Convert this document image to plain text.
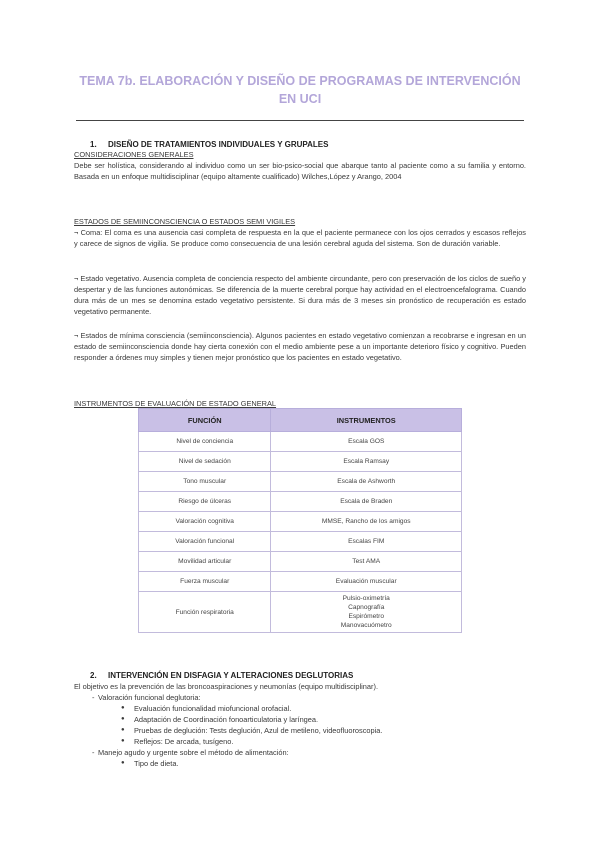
TEMA 7b. ELABORACIÓN Y DISEÑO DE PROGRAMAS DE INTERVENCIÓN EN UCI
1. DISEÑO DE TRATAMIENTOS INDIVIDUALES Y GRUPALES
CONSIDERACIONES GENERALES
Debe ser holística, considerando al individuo como un ser bio-psico-social que abarque tanto al paciente como a su familia y entorno. Basada en un enfoque multidisciplinar (equipo altamente cualificado) Wilches,López y Arango, 2004
ESTADOS DE SEMIINCONSCIENCIA O ESTADOS SEMI VIGILES
¬ Coma: El coma es una ausencia casi completa de respuesta en la que el paciente permanece con los ojos cerrados y escasos reflejos y carece de signos de vigilia. Se produce como consecuencia de una lesión cerebral aguda del sistema. Son de duración variable.
¬ Estado vegetativo. Ausencia completa de conciencia respecto del ambiente circundante, pero con preservación de los ciclos de sueño y despertar y de las funciones autonómicas. Se diferencia de la muerte cerebral porque hay actividad en el electroencefalograma. Cuando dura más de un mes se denomina estado vegetativo persistente. Si dura más de 3 meses sin pronóstico de recuperación es estado vegetativo permanente.
¬ Estados de mínima consciencia (semiinconsciencia). Algunos pacientes en estado vegetativo comienzan a recobrarse e ingresan en un estado de semiinconsciencia donde hay cierta conexión con el medio ambiente pese a un importante deterioro físico y cognitivo. Pueden responder a órdenes muy simples y tienen mejor pronóstico que los pacientes en estado vegetativo.
INSTRUMENTOS DE EVALUACIÓN DE ESTADO GENERAL
FUNCIÓN	INSTRUMENTOS
Nivel de conciencia	Escala GOS
Nivel de sedación	Escala Ramsay
Tono muscular	Escala de Ashworth
Riesgo de úlceras	Escala de Braden
Valoración cognitiva	MMSE, Rancho de los amigos
Valoración funcional	Escalas FIM
Movilidad articular	Test AMA
Fuerza muscular	Evaluación muscular
Función respiratoria	Pulsio-oximetría
Capnografía
Espirómetro
Manovacuómetro
2. INTERVENCIÓN EN DISFAGIA Y ALTERACIONES DEGLUTORIAS
El objetivo es la prevención de las broncoaspiraciones y neumonías (equipo multidisciplinar).
- Valoración funcional deglutoria:
● Evaluación funcionalidad miofuncional orofacial.
● Adaptación de Coordinación fonoarticulatoria y laríngea.
● Pruebas de deglución: Tests deglución, Azul de metileno, videofluoroscopia.
● Reflejos: De arcada, tusígeno.
- Manejo agudo y urgente sobre el método de alimentación:
● Tipo de dieta.
